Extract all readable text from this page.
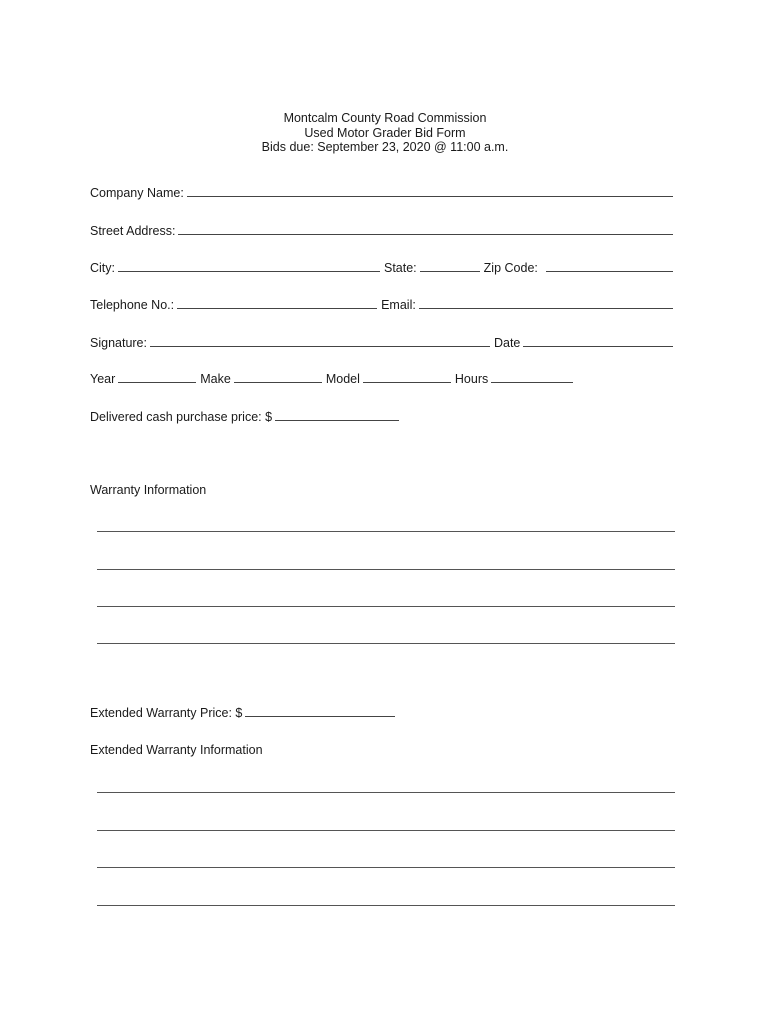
Montcalm County Road Commission
Used Motor Grader Bid Form
Bids due: September 23, 2020 @ 11:00 a.m.
Company Name:
Street Address:
City:	State:	Zip Code:
Telephone No.:	Email:
Signature:	Date
Year	Make	Model	Hours
Delivered cash purchase price: $
Warranty Information
Extended Warranty Price: $
Extended Warranty Information
